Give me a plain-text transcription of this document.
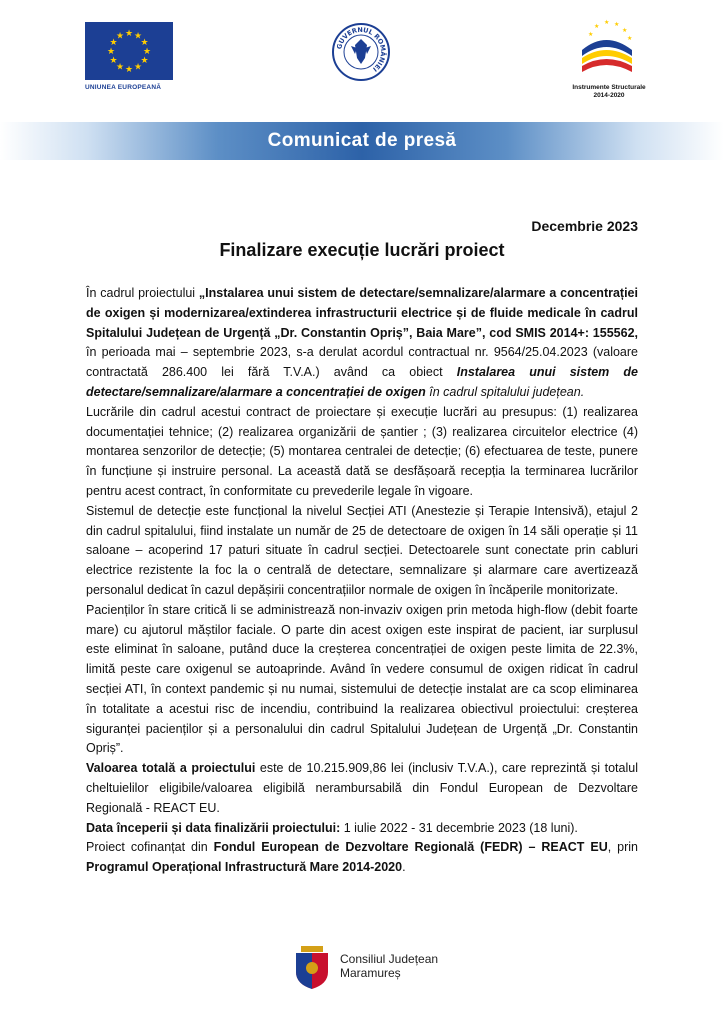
★ ★
★
★
★
★
★
★
★
★
★
★
UNIUNEA EUROPEANĂ
GUVERNUL ROMÂNIEI
★
★ ★
★
★
★
Instrumente Structurale
2014-2020
Comunicat de presă
Decembrie 2023
Finalizare execuție lucrări proiect

În cadrul proiectului „Instalarea unui sistem de detectare/semnalizare/alarmare a concentrației de oxigen și modernizarea/extinderea infrastructurii electrice și de fluide medicale în cadrul Spitalului Județean de Urgență „Dr. Constantin Opriș”, Baia Mare”, cod SMIS 2014+: 155562, în perioada mai – septembrie 2023, s-a derulat acordul contractual nr. 9564/25.04.2023 (valoare contractată 286.400 lei fără T.V.A.) având ca obiect Instalarea unui sistem de detectare/semnalizare/alarmare a concentrației de oxigen în cadrul spitalului județean.

Lucrările din cadrul acestui contract de proiectare și execuție lucrări au presupus: (1) realizarea documentației tehnice; (2) realizarea organizării de șantier ; (3) realizarea circuitelor electrice (4) montarea senzorilor de detecție; (5) montarea centralei de detecție; (6) efectuarea de teste, punere în funcțiune și instruire personal. La această dată se desfășoară recepția la terminarea lucrărilor pentru acest contract, în conformitate cu prevederile legale în vigoare.

Sistemul de detecție este funcțional la nivelul Secției ATI (Anestezie și Terapie Intensivă), etajul 2 din cadrul spitalului, fiind instalate un număr de 25 de detectoare de oxigen în 14 săli operație și 11 saloane – acoperind 17 paturi situate în cadrul secției. Detectoarele sunt conectate prin cabluri electrice rezistente la foc la o centrală de detectare, semnalizare și alarmare care avertizează personalul dedicat în cazul depășirii concentrațiilor normale de oxigen în încăperile monitorizate.

Pacienților în stare critică li se administrează non-invaziv oxigen prin metoda high-flow (debit foarte mare) cu ajutorul măștilor faciale. O parte din acest oxigen este inspirat de pacient, iar surplusul este eliminat în saloane, putând duce la creșterea concentrației de oxigen peste limita de 22.3%, limită peste care oxigenul se autoaprinde. Având în vedere consumul de oxigen ridicat în cadrul secției ATI, în context pandemic și nu numai, sistemului de detecție instalat are ca scop eliminarea în totalitate a acestui risc de incendiu, contribuind la realizarea obiectivul proiectului: creșterea siguranței pacienților și a personalului din cadrul Spitalului Județean de Urgență „Dr. Constantin Opriș”.

Valoarea totală a proiectului este de 10.215.909,86 lei (inclusiv T.V.A.), care reprezintă și totalul cheltuielilor eligibile/valoarea eligibilă nerambursabilă din Fondul European de Dezvoltare Regională - REACT EU.

Data începerii și data finalizării proiectului: 1 iulie 2022 - 31 decembrie 2023 (18 luni).

Proiect cofinanțat din Fondul European de Dezvoltare Regională (FEDR) – REACT EU, prin Programul Operațional Infrastructură Mare 2014-2020.

Consiliul Județean
Maramureș
